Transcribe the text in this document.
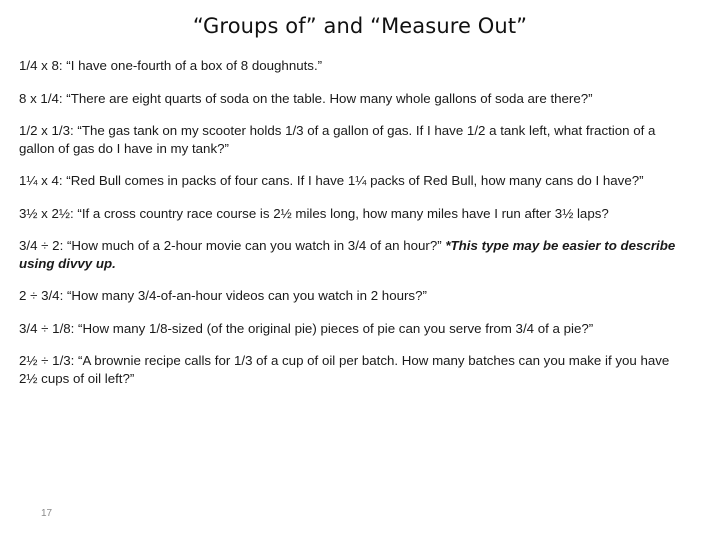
“Groups of” and “Measure Out”

1/4 x 8: “I have one-fourth of a box of 8 doughnuts.”

8 x 1/4: “There are eight quarts of soda on the table. How many whole gallons of soda are there?”

1/2 x 1/3: “The gas tank on my scooter holds 1/3 of a gallon of gas. If I have 1/2 a tank left, what fraction of a gallon of gas do I have in my tank?”

1¼ x 4: “Red Bull comes in packs of four cans. If I have 1¼ packs of Red Bull, how many cans do I have?”

3½ x 2½: “If a cross country race course is 2½ miles long, how many miles have I run after 3½ laps?

3/4 ÷ 2: “How much of a 2-hour movie can you watch in 3/4 of an hour?” *This type may be easier to describe using divvy up.

2 ÷ 3/4: “How many 3/4-of-an-hour videos can you watch in 2 hours?”

3/4 ÷ 1/8: “How many 1/8-sized (of the original pie) pieces of pie can you serve from 3/4 of a pie?”

2½ ÷ 1/3: “A brownie recipe calls for 1/3 of a cup of oil per batch. How many batches can you make if you have 2½ cups of oil left?”

17
